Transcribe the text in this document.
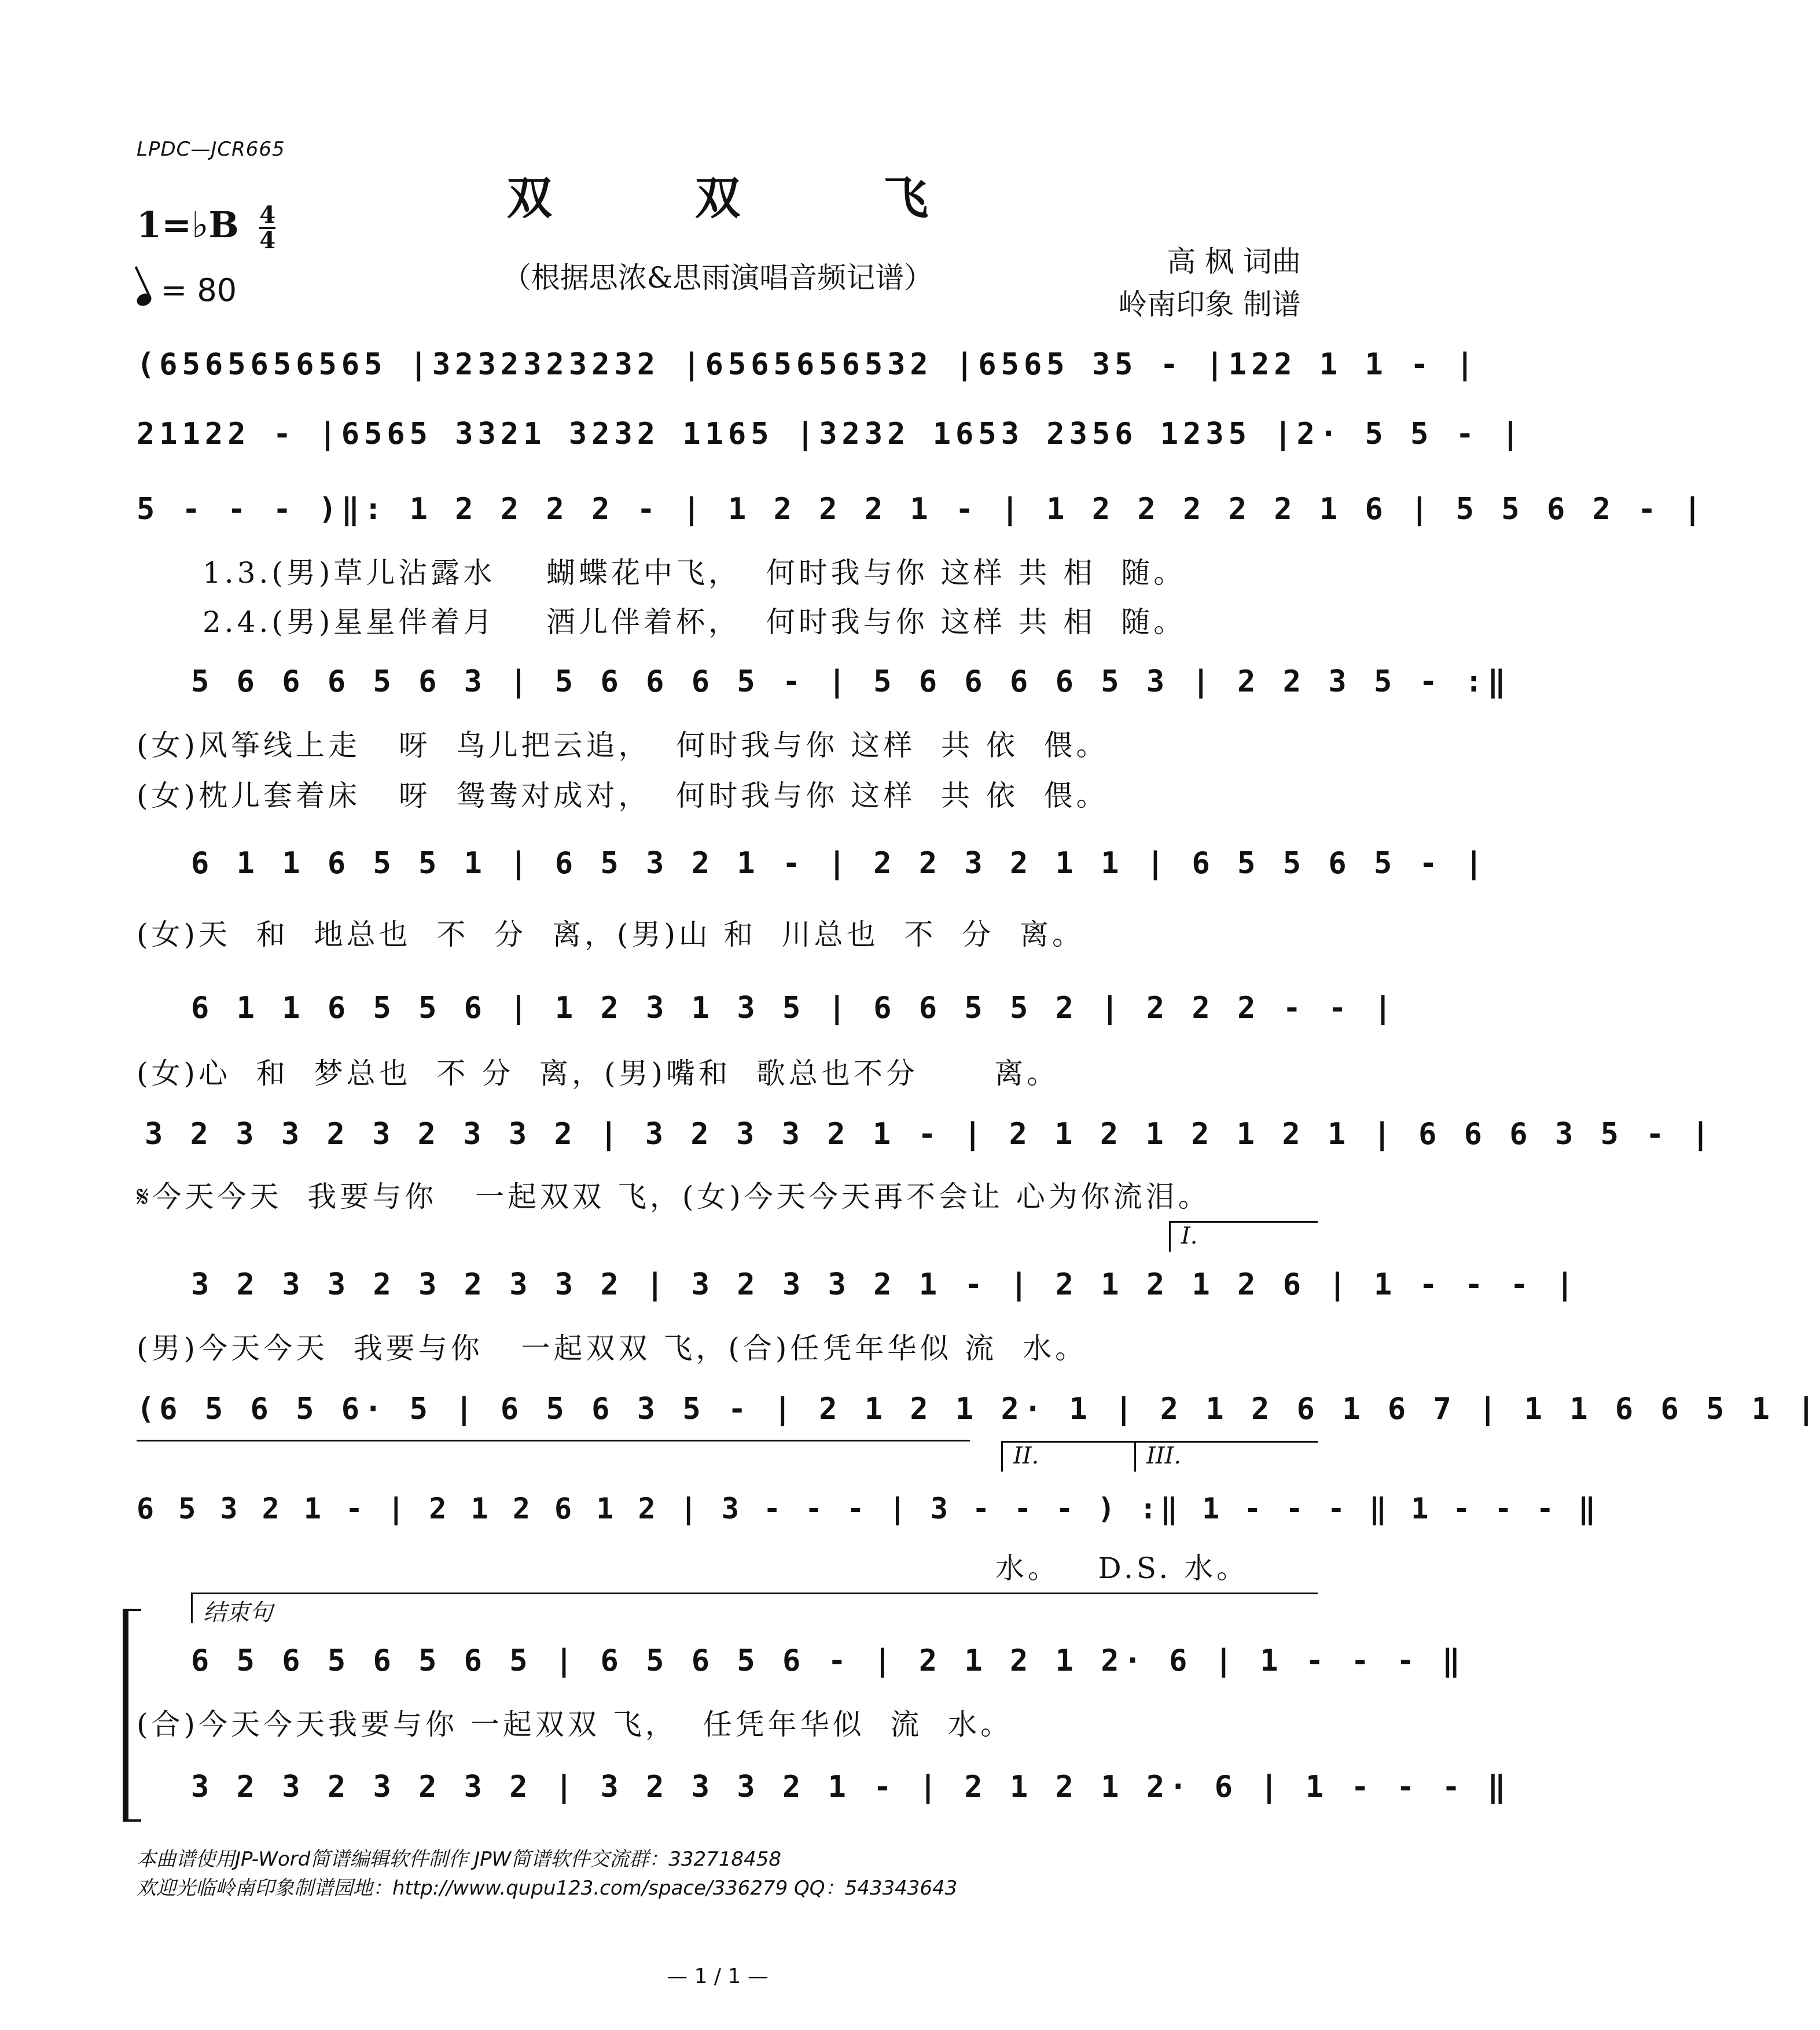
LPDC—JCR665
双 双 飞
（根据思浓&思雨演唱音频记谱）	高 枫 词曲
岭南印象 制谱
1=♭B $\frac{4}{4}$
= 80
(6565656565 |3232323232 |6565656532 |6565 35 - |122 1 1 - |
21122 - |6565 3321 3232 1165 |3232 1653 2356 1235 |2· 5 5 - |
5 - - - )‖: 1 2 2 2 2 - | 1 2 2 2 1 - | 1 2 2 2 2 2 1 6 | 5 5 6 2 - |
1.3.(男)草儿沾露水    蝴蝶花中飞，  何时我与你 这样 共 相  随。
2.4.(男)星星伴着月    酒儿伴着杯，  何时我与你 这样 共 相  随。
5 6 6 6 5 6 3 | 5 6 6 6 5 - | 5 6 6 6 6 5 3 | 2 2 3 5 - :‖
(女)风筝线上走   呀  鸟儿把云追，  何时我与你 这样  共 依  偎。
(女)枕儿套着床   呀  鸳鸯对成对，  何时我与你 这样  共 依  偎。
6 1 1 6 5 5 1 | 6 5 3 2 1 - | 2 2 3 2 1 1 | 6 5 5 6 5 - |
(女)天  和  地总也  不  分  离，(男)山 和  川总也  不  分  离。
6 1 1 6 5 5 6 | 1 2 3 1 3 5 | 6 6 5 5 2 | 2 2 2 - - |
(女)心  和  梦总也  不 分  离，(男)嘴和  歌总也不分      离。
3 2 3 3 2 3 2 3 3 2 | 3 2 3 3 2 1 - | 2 1 2 1 2 1 2 1 | 6 6 6 3 5 - |
𝄋今天今天  我要与你   一起双双 飞，(女)今天今天再不会让 心为你流泪。
I.
3 2 3 3 2 3 2 3 3 2 | 3 2 3 3 2 1 - | 2 1 2 1 2 6 | 1 - - - |
(男)今天今天  我要与你   一起双双 飞，(合)任凭年华似 流  水。
(6 5 6 5 6· 5 | 6 5 6 3 5 - | 2 1 2 1 2· 1 | 2 1 2 6 1 6 7 | 1 1 6 6 5 1 |
II.	III.
6 5 3 2 1 - | 2 1 2 6 1 2 | 3 - - - | 3 - - - ) :‖ 1 - - - ‖ 1 - - - ‖
水。   D.S. 水。
结束句
6 5 6 5 6 5 6 5 | 6 5 6 5 6 - | 2 1 2 1 2· 6 | 1 - - - ‖
(合)今天今天我要与你 一起双双 飞，  任凭年华似  流  水。
3 2 3 2 3 2 3 2 | 3 2 3 3 2 1 - | 2 1 2 1 2· 6 | 1 - - - ‖
本曲谱使用JP-Word简谱编辑软件制作 JPW简谱软件交流群：332718458
欢迎光临岭南印象制谱园地：http://www.qupu123.com/space/336279 QQ：543343643
— 1 / 1 —
